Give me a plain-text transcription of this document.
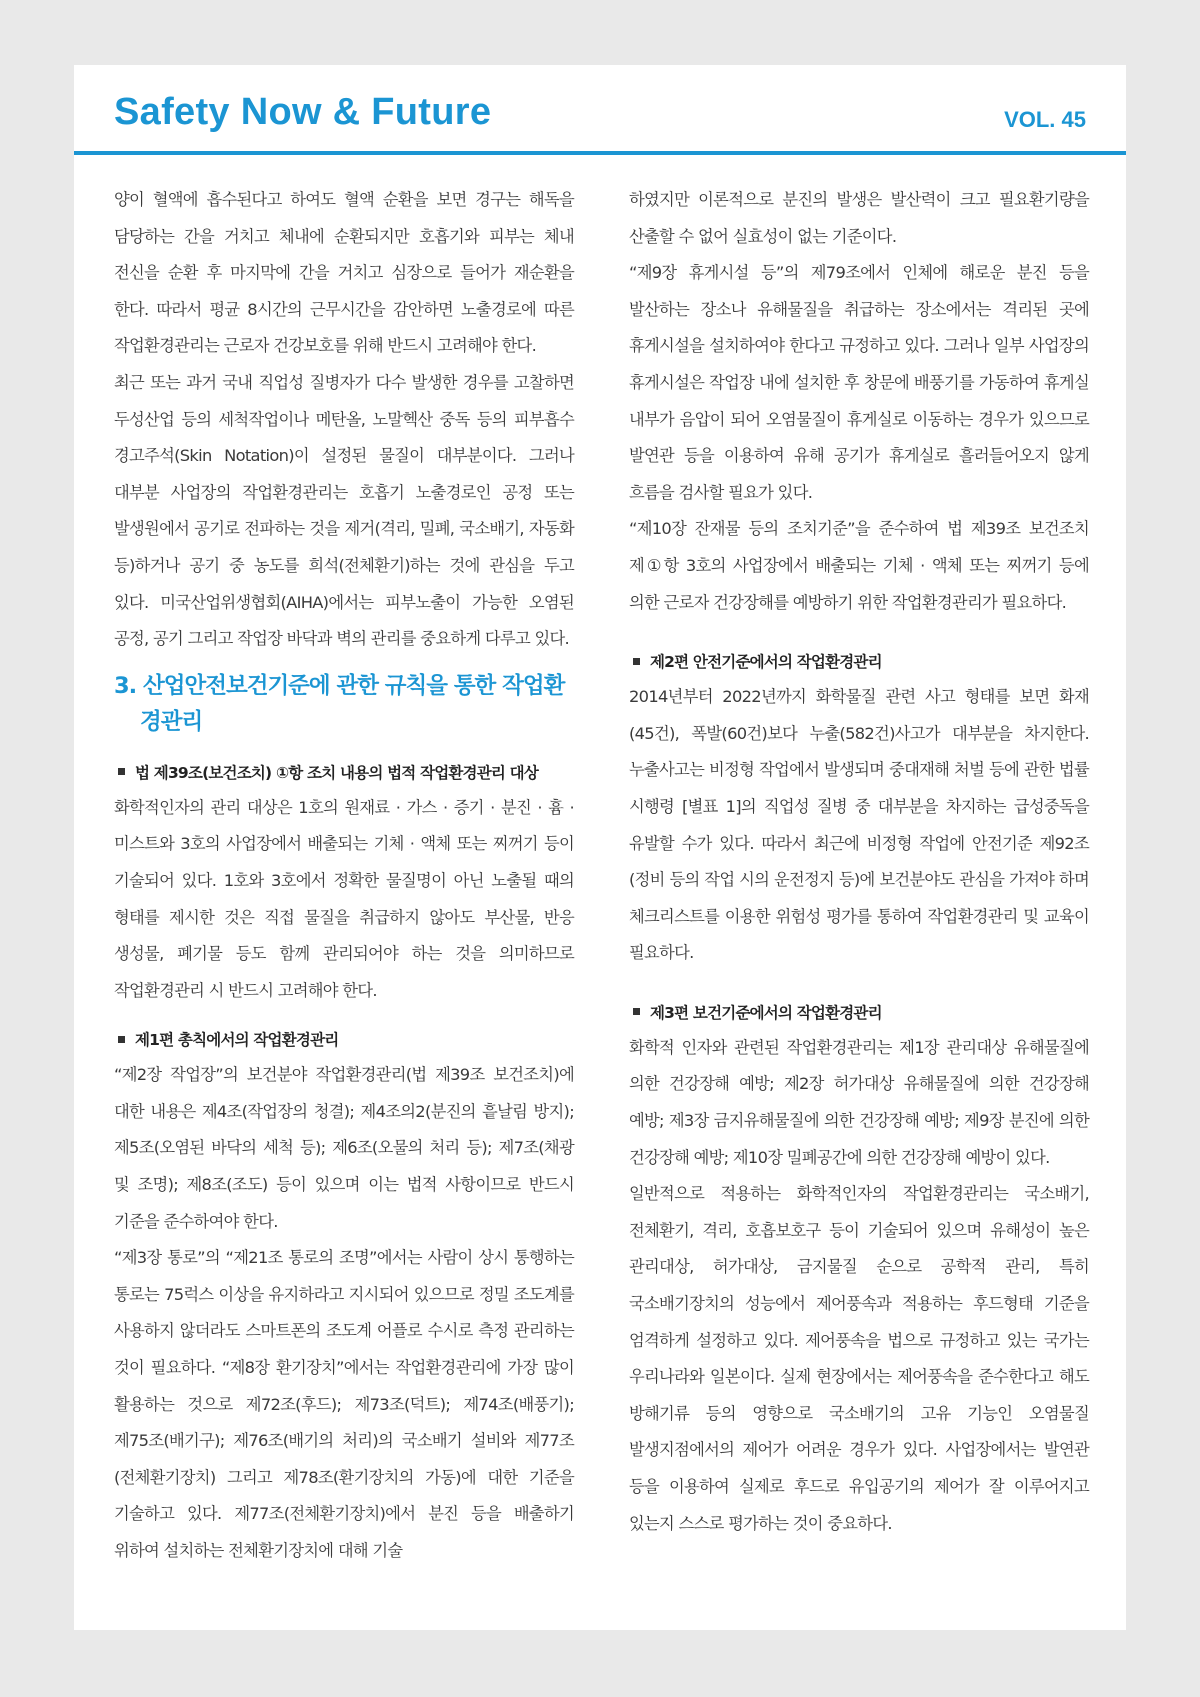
Safety Now & Future	VOL. 45

양이 혈액에 흡수된다고 하여도 혈액 순환을 보면 경구는 해독을 담당하는 간을 거치고 체내에 순환되지만 호흡기와 피부는 체내 전신을 순환 후 마지막에 간을 거치고 심장으로 들어가 재순환을 한다. 따라서 평균 8시간의 근무시간을 감안하면 노출경로에 따른 작업환경관리는 근로자 건강보호를 위해 반드시 고려해야 한다.

최근 또는 과거 국내 직업성 질병자가 다수 발생한 경우를 고찰하면 두성산업 등의 세척작업이나 메탄올, 노말헥산 중독 등의 피부흡수 경고주석(Skin Notation)이 설정된 물질이 대부분이다. 그러나 대부분 사업장의 작업환경관리는 호흡기 노출경로인 공정 또는 발생원에서 공기로 전파하는 것을 제거(격리, 밀폐, 국소배기, 자동화 등)하거나 공기 중 농도를 희석(전체환기)하는 것에 관심을 두고 있다. 미국산업위생협회(AIHA)에서는 피부노출이 가능한 오염된 공정, 공기 그리고 작업장 바닥과 벽의 관리를 중요하게 다루고 있다.

3. 산업안전보건기준에 관한 규칙을 통한 작업환경관리
법 제39조(보건조치) ①항 조치 내용의 법적 작업환경관리 대상

화학적인자의 관리 대상은 1호의 원재료 · 가스 · 증기 · 분진 · 흄 · 미스트와 3호의 사업장에서 배출되는 기체 · 액체 또는 찌꺼기 등이 기술되어 있다. 1호와 3호에서 정확한 물질명이 아닌 노출될 때의 형태를 제시한 것은 직접 물질을 취급하지 않아도 부산물, 반응 생성물, 폐기물 등도 함께 관리되어야 하는 것을 의미하므로 작업환경관리 시 반드시 고려해야 한다.

제1편 총칙에서의 작업환경관리

“제2장 작업장”의 보건분야 작업환경관리(법 제39조 보건조치)에 대한 내용은 제4조(작업장의 청결); 제4조의2(분진의 흩날림 방지); 제5조(오염된 바닥의 세척 등); 제6조(오물의 처리 등); 제7조(채광 및 조명); 제8조(조도) 등이 있으며 이는 법적 사항이므로 반드시 기준을 준수하여야 한다.

“제3장 통로”의 “제21조 통로의 조명”에서는 사람이 상시 통행하는 통로는 75럭스 이상을 유지하라고 지시되어 있으므로 정밀 조도계를 사용하지 않더라도 스마트폰의 조도계 어플로 수시로 측정 관리하는 것이 필요하다. “제8장 환기장치”에서는 작업환경관리에 가장 많이 활용하는 것으로 제72조(후드); 제73조(덕트); 제74조(배풍기); 제75조(배기구); 제76조(배기의 처리)의 국소배기 설비와 제77조(전체환기장치) 그리고 제78조(환기장치의 가동)에 대한 기준을 기술하고 있다. 제77조(전체환기장치)에서 분진 등을 배출하기 위하여 설치하는 전체환기장치에 대해 기술

하였지만 이론적으로 분진의 발생은 발산력이 크고 필요환기량을 산출할 수 없어 실효성이 없는 기준이다.

“제9장 휴게시설 등”의 제79조에서 인체에 해로운 분진 등을 발산하는 장소나 유해물질을 취급하는 장소에서는 격리된 곳에 휴게시설을 설치하여야 한다고 규정하고 있다. 그러나 일부 사업장의 휴게시설은 작업장 내에 설치한 후 창문에 배풍기를 가동하여 휴게실 내부가 음압이 되어 오염물질이 휴게실로 이동하는 경우가 있으므로 발연관 등을 이용하여 유해 공기가 휴게실로 흘러들어오지 않게 흐름을 검사할 필요가 있다.

“제10장 잔재물 등의 조치기준”을 준수하여 법 제39조 보건조치 제①항 3호의 사업장에서 배출되는 기체 · 액체 또는 찌꺼기 등에 의한 근로자 건강장해를 예방하기 위한 작업환경관리가 필요하다.

제2편 안전기준에서의 작업환경관리

2014년부터 2022년까지 화학물질 관련 사고 형태를 보면 화재(45건), 폭발(60건)보다 누출(582건)사고가 대부분을 차지한다. 누출사고는 비정형 작업에서 발생되며 중대재해 처벌 등에 관한 법률 시행령 [별표 1]의 직업성 질병 중 대부분을 차지하는 급성중독을 유발할 수가 있다. 따라서 최근에 비정형 작업에 안전기준 제92조(정비 등의 작업 시의 운전정지 등)에 보건분야도 관심을 가져야 하며 체크리스트를 이용한 위험성 평가를 통하여 작업환경관리 및 교육이 필요하다.

제3편 보건기준에서의 작업환경관리

화학적 인자와 관련된 작업환경관리는 제1장 관리대상 유해물질에 의한 건강장해 예방; 제2장 허가대상 유해물질에 의한 건강장해 예방; 제3장 금지유해물질에 의한 건강장해 예방; 제9장 분진에 의한 건강장해 예방; 제10장 밀폐공간에 의한 건강장해 예방이 있다.

일반적으로 적용하는 화학적인자의 작업환경관리는 국소배기, 전체환기, 격리, 호흡보호구 등이 기술되어 있으며 유해성이 높은 관리대상, 허가대상, 금지물질 순으로 공학적 관리, 특히 국소배기장치의 성능에서 제어풍속과 적용하는 후드형태 기준을 엄격하게 설정하고 있다. 제어풍속을 법으로 규정하고 있는 국가는 우리나라와 일본이다. 실제 현장에서는 제어풍속을 준수한다고 해도 방해기류 등의 영향으로 국소배기의 고유 기능인 오염물질 발생지점에서의 제어가 어려운 경우가 있다. 사업장에서는 발연관 등을 이용하여 실제로 후드로 유입공기의 제어가 잘 이루어지고 있는지 스스로 평가하는 것이 중요하다.
